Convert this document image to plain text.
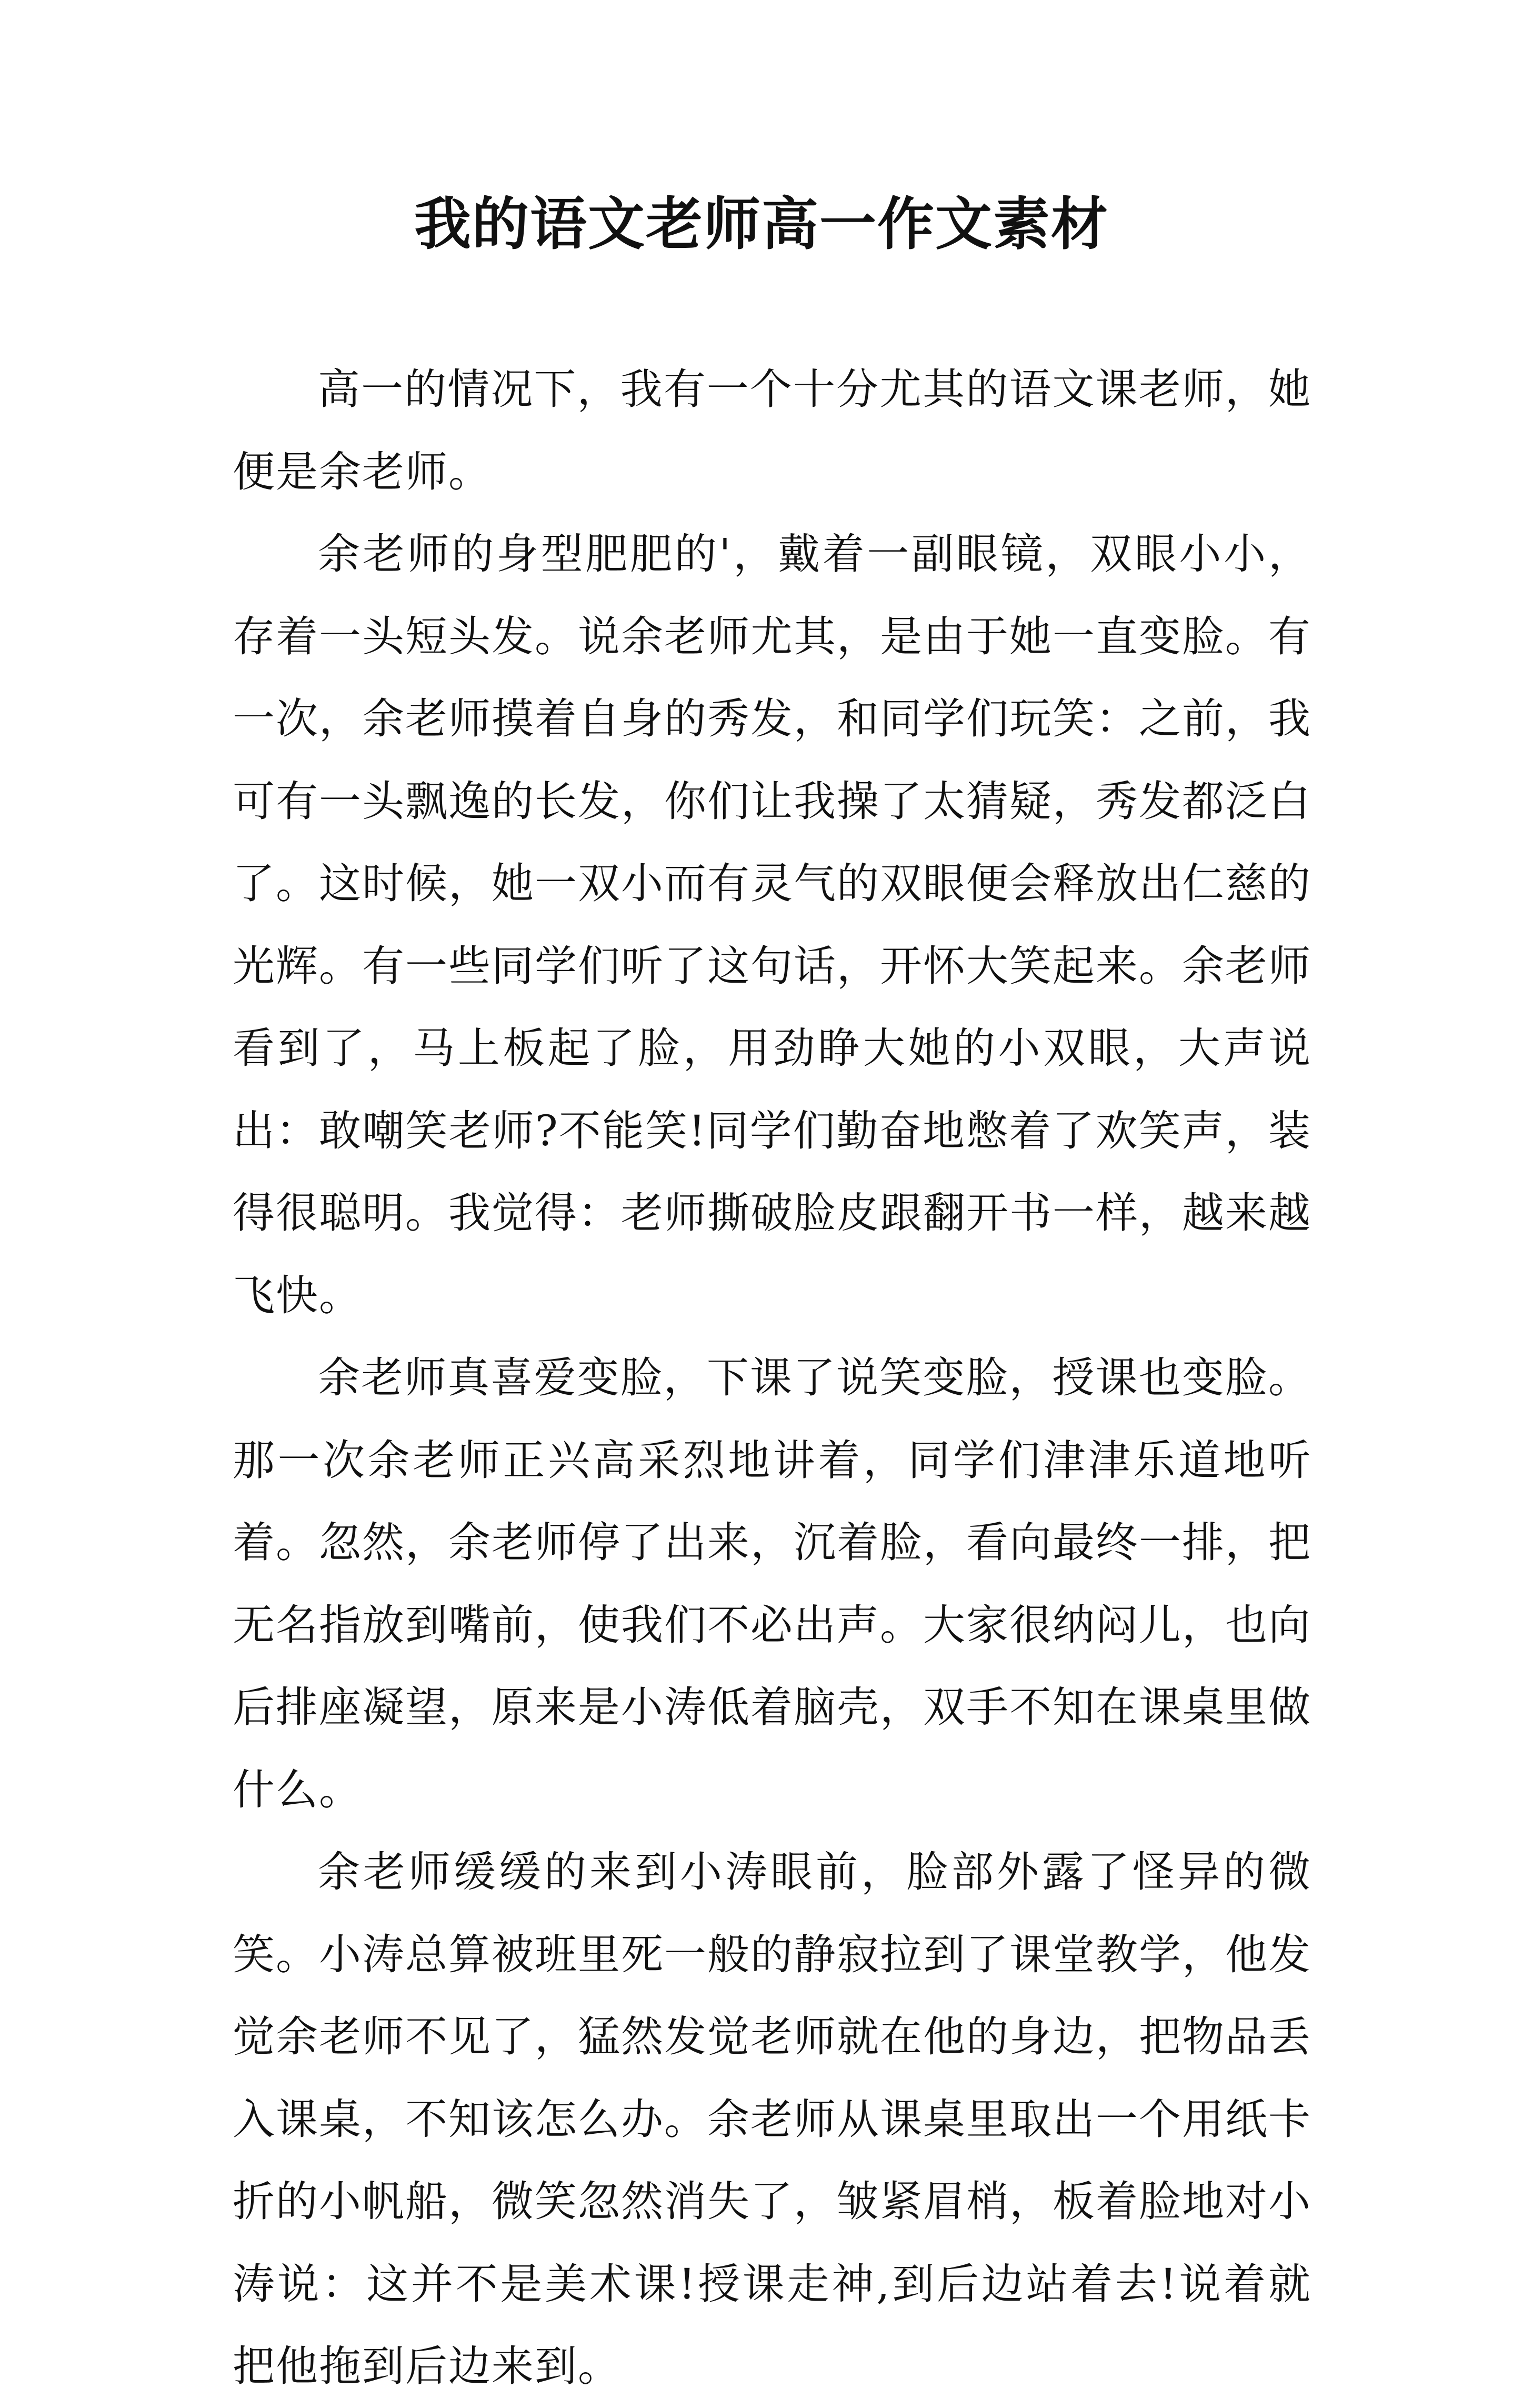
我的语文老师高一作文素材

高一的情况下，我有一个十分尤其的语文课老师，她便是余老师。

余老师的身型肥肥的'，戴着一副眼镜，双眼小小，存着一头短头发。说余老师尤其，是由于她一直变脸。有一次，余老师摸着自身的秀发，和同学们玩笑：之前，我可有一头飘逸的长发，你们让我操了太猜疑，秀发都泛白了。这时候，她一双小而有灵气的双眼便会释放出仁慈的光辉。有一些同学们听了这句话，开怀大笑起来。余老师看到了，马上板起了脸，用劲睁大她的小双眼，大声说出：敢嘲笑老师?不能笑!同学们勤奋地憋着了欢笑声，装得很聪明。我觉得：老师撕破脸皮跟翻开书一样，越来越飞快。

余老师真喜爱变脸，下课了说笑变脸，授课也变脸。那一次余老师正兴高采烈地讲着，同学们津津乐道地听着。忽然，余老师停了出来，沉着脸，看向最终一排，把无名指放到嘴前，使我们不必出声。大家很纳闷儿，也向后排座凝望，原来是小涛低着脑壳，双手不知在课桌里做什么。

余老师缓缓的来到小涛眼前，脸部外露了怪异的微笑。小涛总算被班里死一般的静寂拉到了课堂教学，他发觉余老师不见了，猛然发觉老师就在他的身边，把物品丢入课桌，不知该怎么办。余老师从课桌里取出一个用纸卡折的小帆船，微笑忽然消失了，皱紧眉梢，板着脸地对小涛说：这并不是美术课!授课走神,到后边站着去!说着就把他拖到后边来到。
